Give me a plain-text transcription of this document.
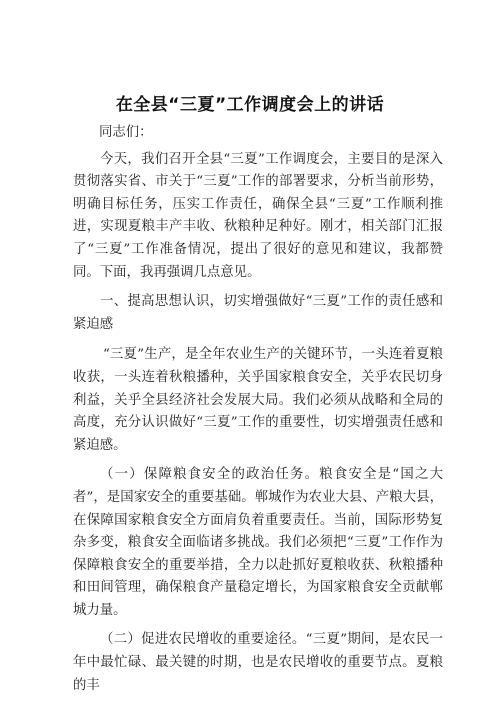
在全县“三夏”工作调度会上的讲话

同志们：

今天，我们召开全县“三夏”工作调度会，主要目的是深入贯彻落实省、市关于“三夏”工作的部署要求，分析当前形势，明确目标任务，压实工作责任，确保全县“三夏”工作顺利推进，实现夏粮丰产丰收、秋粮种足种好。刚才，相关部门汇报了“三夏”工作准备情况，提出了很好的意见和建议，我都赞同。下面，我再强调几点意见。

一、提高思想认识，切实增强做好“三夏”工作的责任感和紧迫感

“三夏”生产，是全年农业生产的关键环节，一头连着夏粮收获，一头连着秋粮播种，关乎国家粮食安全，关乎农民切身利益，关乎全县经济社会发展大局。我们必须从战略和全局的高度，充分认识做好“三夏”工作的重要性，切实增强责任感和紧迫感。

（一）保障粮食安全的政治任务。粮食安全是“国之大者”，是国家安全的重要基础。郸城作为农业大县、产粮大县，在保障国家粮食安全方面肩负着重要责任。当前，国际形势复杂多变，粮食安全面临诸多挑战。我们必须把“三夏”工作作为保障粮食安全的重要举措，全力以赴抓好夏粮收获、秋粮播种和田间管理，确保粮食产量稳定增长，为国家粮食安全贡献郸城力量。

（二）促进农民增收的重要途径。“三夏”期间，是农民一年中最忙碌、最关键的时期，也是农民增收的重要节点。夏粮的丰
